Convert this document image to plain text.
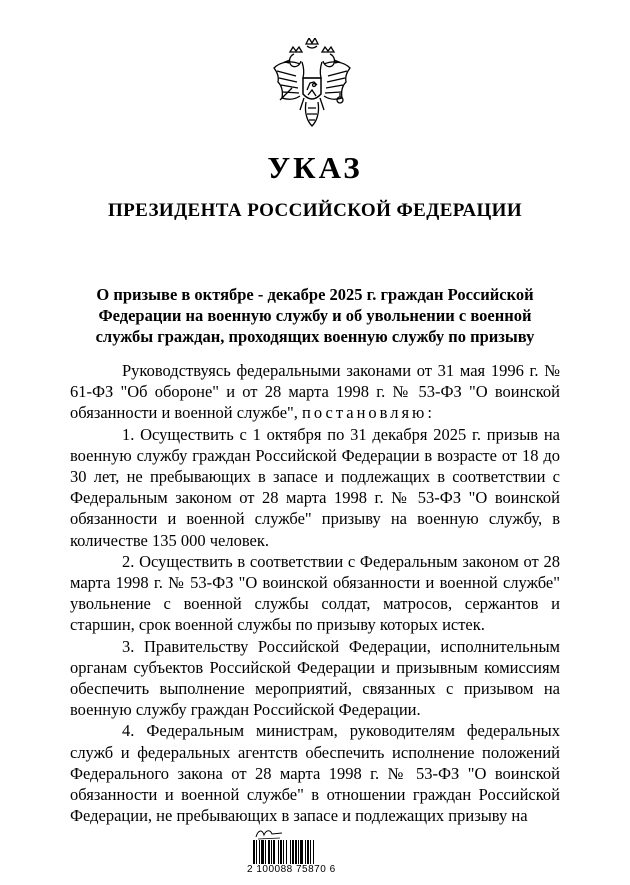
УКАЗ
ПРЕЗИДЕНТА РОССИЙСКОЙ ФЕДЕРАЦИИ
О призыве в октябре - декабре 2025 г. граждан Российской
Федерации на военную службу и об увольнении с военной
службы граждан, проходящих военную службу по призыву

Руководствуясь федеральными законами от 31 мая 1996 г. № 61-ФЗ "Об обороне" и от 28 марта 1998 г. № 53-ФЗ "О воинской обязанности и военной службе", постановляю:

1. Осуществить с 1 октября по 31 декабря 2025 г. призыв на военную службу граждан Российской Федерации в возрасте от 18 до 30 лет, не пребывающих в запасе и подлежащих в соответствии с Федеральным законом от 28 марта 1998 г. № 53-ФЗ "О воинской обязанности и военной службе" призыву на военную службу, в количестве 135 000 человек.

2. Осуществить в соответствии с Федеральным законом от 28 марта 1998 г. № 53-ФЗ "О воинской обязанности и военной службе" увольнение с военной службы солдат, матросов, сержантов и старшин, срок военной службы по призыву которых истек.

3. Правительству Российской Федерации, исполнительным органам субъектов Российской Федерации и призывным комиссиям обеспечить выполнение мероприятий, связанных с призывом на военную службу граждан Российской Федерации.

4. Федеральным министрам, руководителям федеральных служб и федеральных агентств обеспечить исполнение положений Федерального закона от 28 марта 1998 г. № 53-ФЗ "О воинской обязанности и военной службе" в отношении граждан Российской Федерации, не пребывающих в запасе и подлежащих призыву на

2 100088 75870 6
